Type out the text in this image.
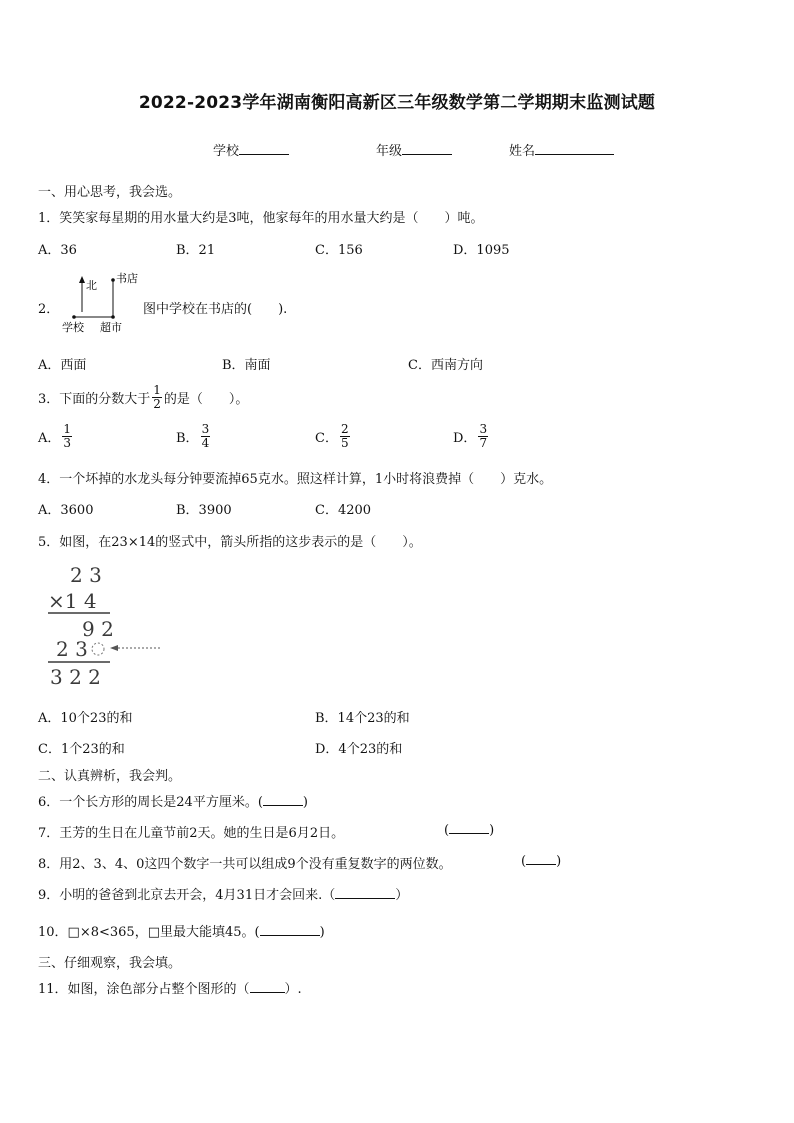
2022-2023学年湖南衡阳高新区三年级数学第二学期期末监测试题
学校	年级	姓名
一、用心思考，我会选。
1．笑笑家每星期的用水量大约是3吨，他家每年的用水量大约是（　　）吨。
A．36	B．21	C．156	D．1095
2．
北
书店
学校 超市
图中学校在书店的(　　).
A．西面	B．南面	C．西南方向
3．下面的分数大于 $\frac{1}{2}$ 的是（　　）。
A． $\frac{1}{3}$	B． $\frac{3}{4}$	C． $\frac{2}{5}$	D． $\frac{3}{7}$
4．一个坏掉的水龙头每分钟要流掉65克水。照这样计算，1小时将浪费掉（　　）克水。
A．3600	B．3900	C．4200
5．如图，在23×14的竖式中，箭头所指的这步表示的是（　　）。
2 3
×1 4
9 2
2 3
3 2 2
A．10个23的和	B．14个23的和
C．1个23的和	D．4个23的和
二、认真辨析，我会判。
6．一个长方形的周长是24平方厘米。(	)
7．王芳的生日在儿童节前2天。她的生日是6月2日。	(	)
8．用2、3、4、0这四个数字一共可以组成9个没有重复数字的两位数。	( )
9．小明的爸爸到北京去开会，4月31日才会回来.（	）
10．□×8<365，□里最大能填45。(	)
三、仔细观察，我会填。
11．如图，涂色部分占整个图形的（	）.
